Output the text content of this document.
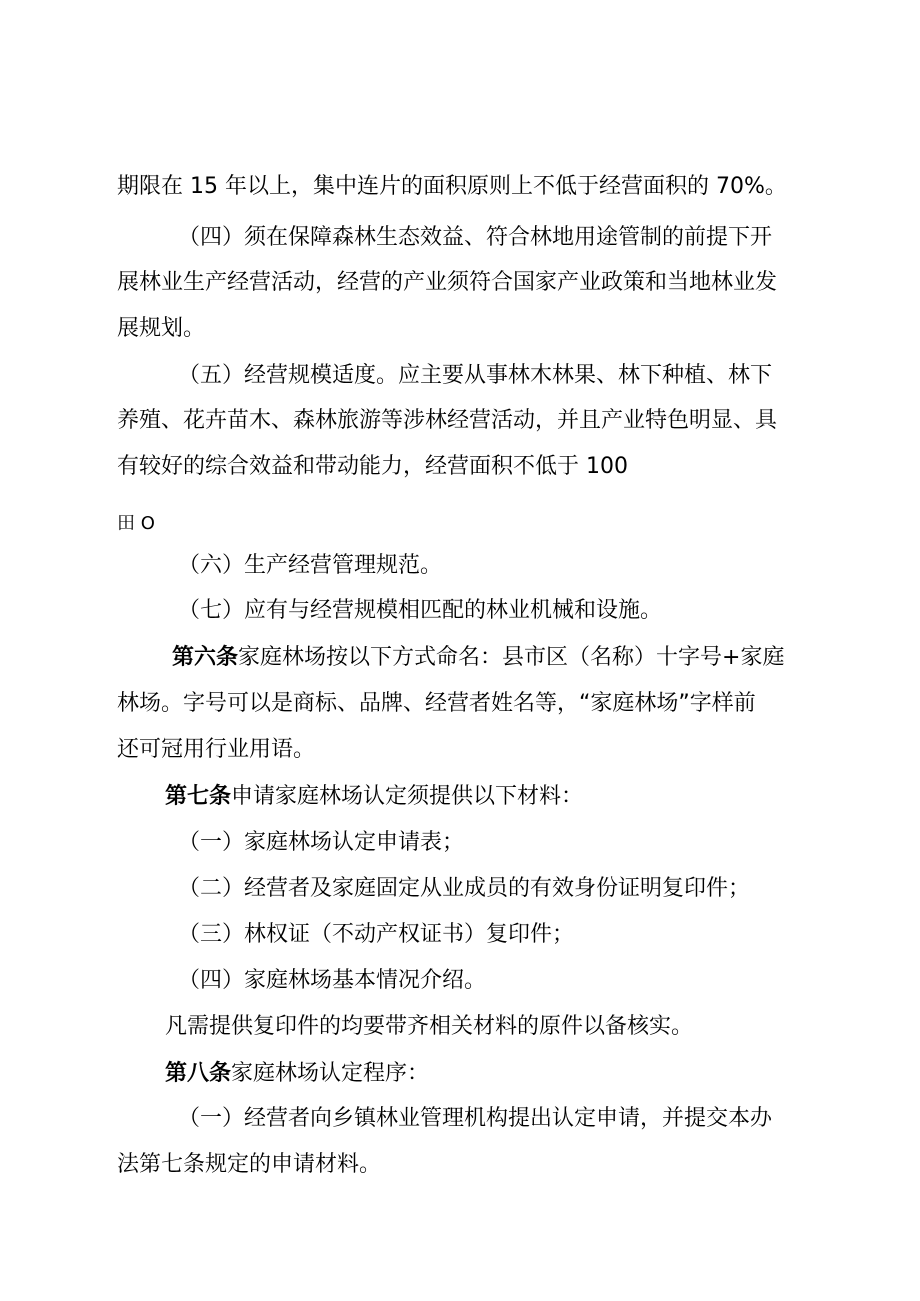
期限在 15 年以上，集中连片的面积原则上不低于经营面积的 70%。
（四）须在保障森林生态效益、符合林地用途管制的前提下开
展林业生产经营活动，经营的产业须符合国家产业政策和当地林业发
展规划。
（五）经营规模适度。应主要从事林木林果、林下种植、林下
养殖、花卉苗木、森林旅游等涉林经营活动，并且产业特色明显、具
有较好的综合效益和带动能力，经营面积不低于 100
田 O
（六）生产经营管理规范。
（七）应有与经营规模相匹配的林业机械和设施。
第六条家庭林场按以下方式命名：县市区（名称）十字号+家庭
林场。字号可以是商标、品牌、经营者姓名等，“家庭林场”字样前
还可冠用行业用语。
第七条申请家庭林场认定须提供以下材料：
（一）家庭林场认定申请表；
（二）经营者及家庭固定从业成员的有效身份证明复印件；
（三）林权证（不动产权证书）复印件；
（四）家庭林场基本情况介绍。
凡需提供复印件的均要带齐相关材料的原件以备核实。
第八条家庭林场认定程序：
（一）经营者向乡镇林业管理机构提出认定申请，并提交本办
法第七条规定的申请材料。
